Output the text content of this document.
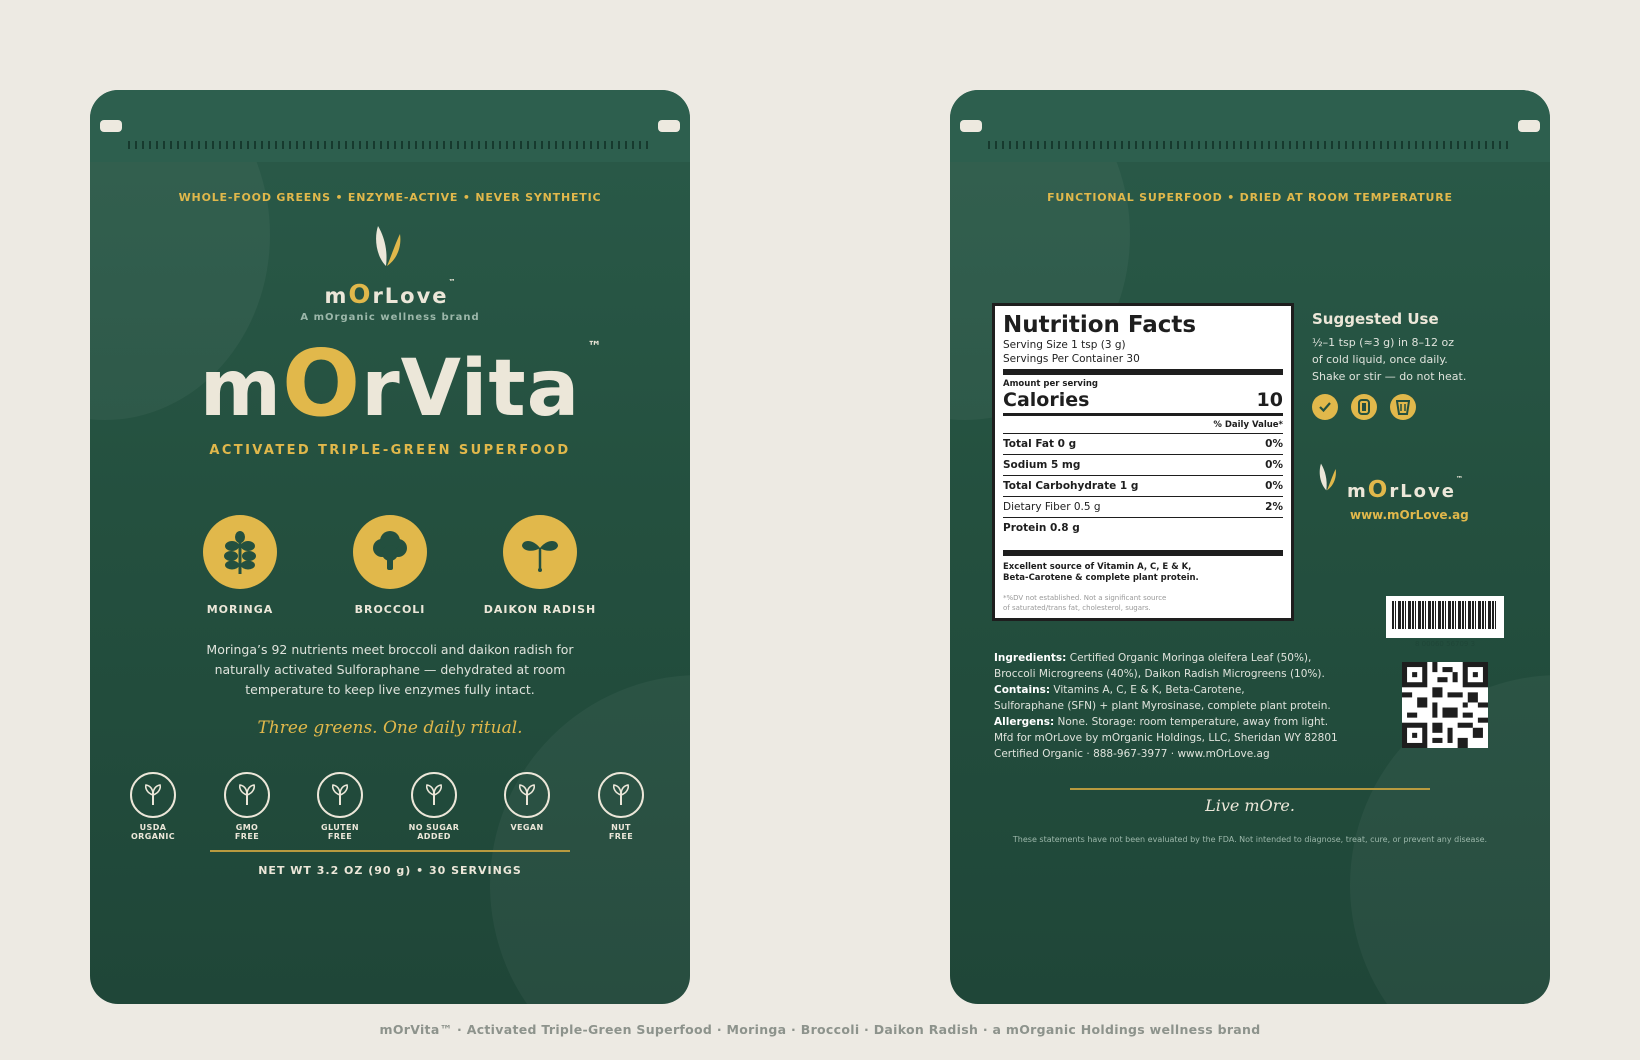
WHOLE-FOOD GREENS • ENZYME-ACTIVE • NEVER SYNTHETIC
mOrLove™
A mOrganic wellness brand
mOrVita ™
ACTIVATED TRIPLE-GREEN SUPERFOOD
MORINGA	BROCCOLI	DAIKON RADISH
Moringa’s 92 nutrients meet broccoli and daikon radish for
naturally activated Sulforaphane — dehydrated at room
temperature to keep live enzymes fully intact.
Three greens. One daily ritual.
USDA
ORGANIC
GMO
FREE
GLUTEN
FREE
NO SUGAR
ADDED
VEGAN	NUT
FREE
NET WT 3.2 OZ (90 g) • 30 SERVINGS
FUNCTIONAL SUPERFOOD • DRIED AT ROOM TEMPERATURE
Nutrition Facts
Serving Size 1 tsp (3 g)
Servings Per Container 30
Amount per serving
Calories	10
% Daily Value*
Total Fat 0 g	0%
Sodium 5 mg	0%
Total Carbohydrate 1 g	0%
Dietary Fiber 0.5 g	2%
Protein 0.8 g
Excellent source of Vitamin A, C, E & K,
Beta-Carotene & complete plant protein.
*%DV not established. Not a significant source
of saturated/trans fat, cholesterol, sugars.
Suggested Use
½–1 tsp (≈3 g) in 8–12 oz
of cold liquid, once daily.
Shake or stir — do not heat.
mOrLove™
www.mOrLove.ag
8 00060 56709 3
Ingredients: Certified Organic Moringa oleifera Leaf (50%),
Broccoli Microgreens (40%), Daikon Radish Microgreens (10%).
Contains: Vitamins A, C, E & K, Beta-Carotene,
Sulforaphane (SFN) + plant Myrosinase, complete plant protein.
Allergens: None. Storage: room temperature, away from light.
Mfd for mOrLove by mOrganic Holdings, LLC, Sheridan WY 82801
Certified Organic · 888-967-3977 · www.mOrLove.ag
Live mOre.
These statements have not been evaluated by the FDA. Not intended to diagnose, treat, cure, or prevent any disease.
mOrVita™ · Activated Triple-Green Superfood · Moringa · Broccoli · Daikon Radish · a mOrganic Holdings wellness brand
